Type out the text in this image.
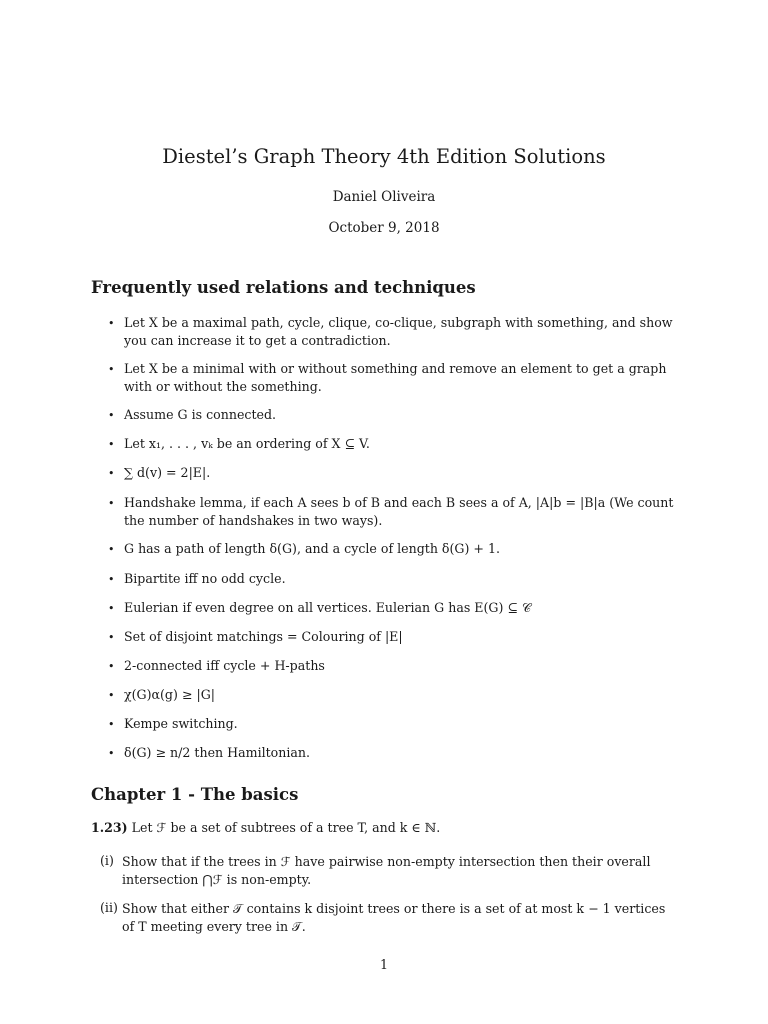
Diestel’s Graph Theory 4th Edition Solutions
Daniel Oliveira
October 9, 2018
Frequently used relations and techniques
• Let X be a maximal path, cycle, clique, co-clique, subgraph with something, and show you can increase it to get a contradiction.
• Let X be a minimal with or without something and remove an element to get a graph with or without the something.
• Assume G is connected.
• Let x₁, . . . , vₖ be an ordering of X ⊆ V.
• ∑ d(v) = 2|E|.
• Handshake lemma, if each A sees b of B and each B sees a of A, |A|b = |B|a (We count the number of handshakes in two ways).
• G has a path of length δ(G), and a cycle of length δ(G) + 1.
• Bipartite iff no odd cycle.
• Eulerian if even degree on all vertices. Eulerian G has E(G) ⊆ 𝒞
• Set of disjoint matchings = Colouring of |E|
• 2-connected iff cycle + H-paths
• χ(G)α(g) ≥ |G|
• Kempe switching.
• δ(G) ≥ n/2 then Hamiltonian.
Chapter 1 - The basics
1.23) Let ℱ be a set of subtrees of a tree T, and k ∈ ℕ.
(i) Show that if the trees in ℱ have pairwise non-empty intersection then their overall intersection ⋂ℱ is non-empty.
(ii) Show that either 𝒯 contains k disjoint trees or there is a set of at most k − 1 vertices of T meeting every tree in 𝒯.
1
